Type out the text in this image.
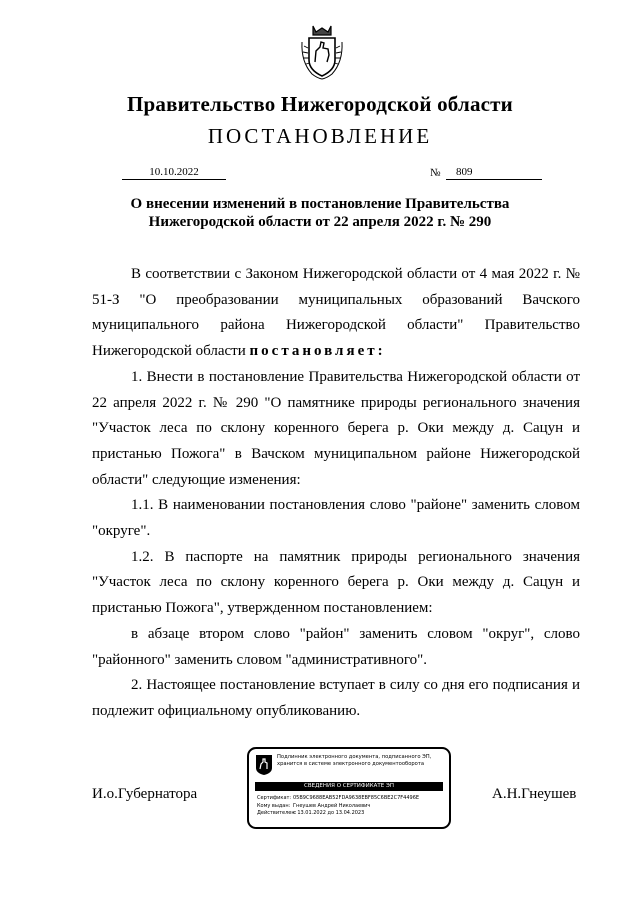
Правительство Нижегородской области
ПОСТАНОВЛЕНИЕ
10.10.2022	№	809
О внесении изменений в постановление Правительства
Нижегородской области от 22 апреля 2022 г. № 290

В соответствии с Законом Нижегородской области от 4 мая 2022 г. № 51-З "О преобразовании муниципальных образований Вачского муниципального района Нижегородской области" Правительство Нижегородской области постановляет:

1. Внести в постановление Правительства Нижегородской области от 22 апреля 2022 г. № 290 "О памятнике природы регионального значения "Участок леса по склону коренного берега р. Оки между д. Сацун и пристанью Пожога" в Вачском муниципальном районе Нижегородской области" следующие изменения:

1.1. В наименовании постановления слово "районе" заменить словом "округе".

1.2. В паспорте на памятник природы регионального значения "Участок леса по склону коренного берега р. Оки между д. Сацун и пристанью Пожога", утвержденном постановлением:

в абзаце втором слово "район" заменить словом "округ", слово "районного" заменить словом "административного".

2. Настоящее постановление вступает в силу со дня его подписания и подлежит официальному опубликованию.

И.о.Губернатора	А.Н.Гнеушев
Подлинник электронного документа, подписанного ЭП, хранится в системе электронного документооборота
СВЕДЕНИЯ О СЕРТИФИКАТЕ ЭП
Сертификат: 05B9C9688EAB52FDA9638EBF85C6BE2C7F4496E
Кому выдан: Гнеушев Андрей Николаевич
Действителен:с 13.01.2022 до 13.04.2023
